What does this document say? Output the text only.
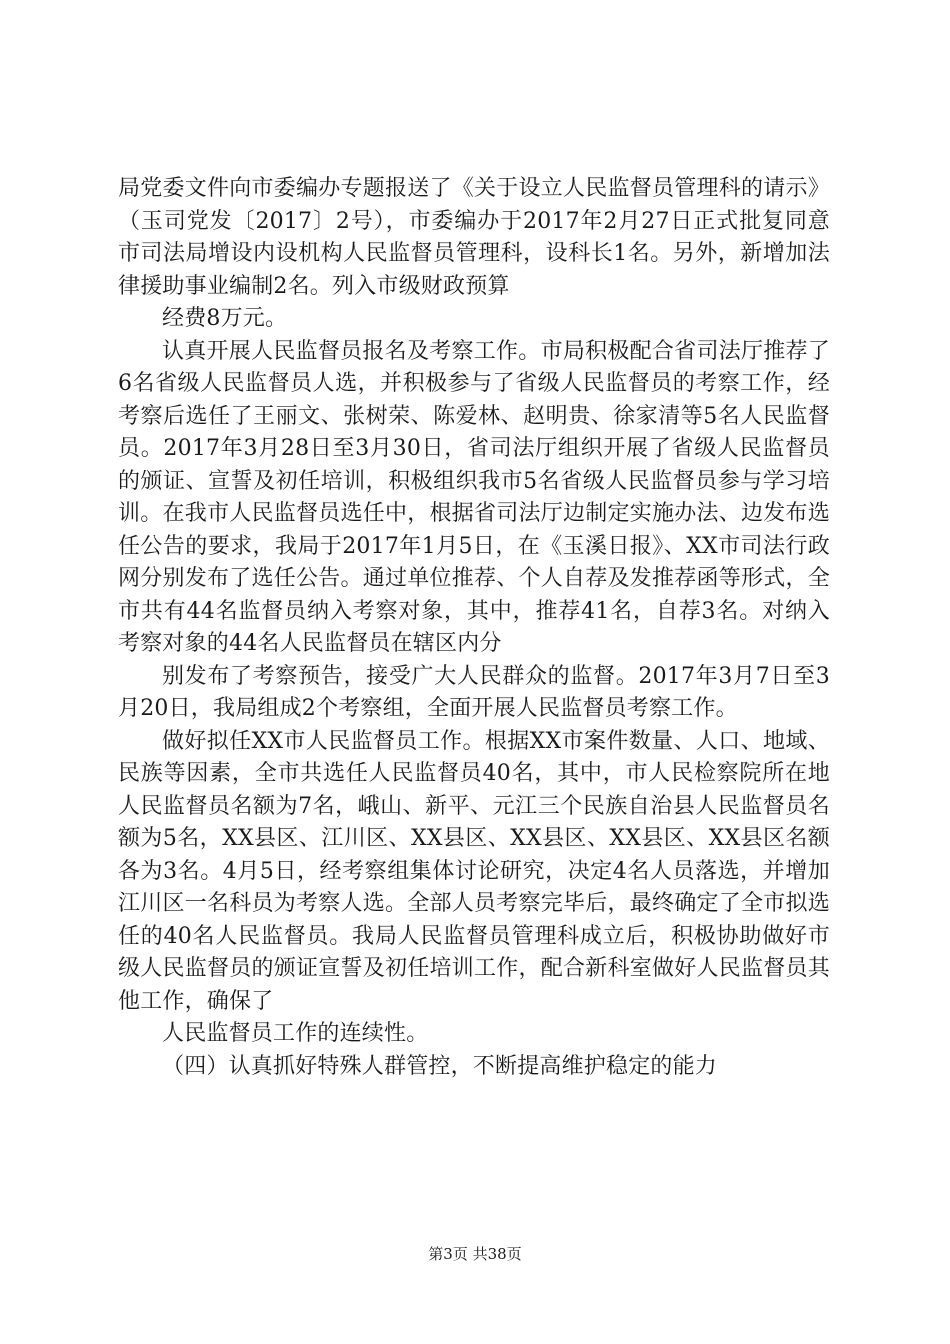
局党委文件向市委编办专题报送了《关于设立人民监督员管理科的请示》（玉司党发〔2017〕2号），市委编办于2017年2月27日正式批复同意市司法局增设内设机构人民监督员管理科，设科长1名。另外，新增加法律援助事业编制2名。列入市级财政预算

经费8万元。

认真开展人民监督员报名及考察工作。市局积极配合省司法厅推荐了6名省级人民监督员人选，并积极参与了省级人民监督员的考察工作，经考察后选任了王丽文、张树荣、陈爱林、赵明贵、徐家清等5名人民监督员。2017年3月28日至3月30日，省司法厅组织开展了省级人民监督员的颁证、宣誓及初任培训，积极组织我市5名省级人民监督员参与学习培训。在我市人民监督员选任中，根据省司法厅边制定实施办法、边发布选任公告的要求，我局于2017年1月5日，在《玉溪日报》、XX市司法行政网分别发布了选任公告。通过单位推荐、个人自荐及发推荐函等形式，全市共有44名监督员纳入考察对象，其中，推荐41名，自荐3名。对纳入考察对象的44名人民监督员在辖区内分

别发布了考察预告，接受广大人民群众的监督。2017年3月7日至3月20日，我局组成2个考察组，全面开展人民监督员考察工作。

做好拟任XX市人民监督员工作。根据XX市案件数量、人口、地域、民族等因素，全市共选任人民监督员40名，其中，市人民检察院所在地人民监督员名额为7名，峨山、新平、元江三个民族自治县人民监督员名额为5名，XX县区、江川区、XX县区、XX县区、XX县区、XX县区名额各为3名。4月5日，经考察组集体讨论研究，决定4名人员落选，并增加江川区一名科员为考察人选。全部人员考察完毕后，最终确定了全市拟选任的40名人民监督员。我局人民监督员管理科成立后，积极协助做好市级人民监督员的颁证宣誓及初任培训工作，配合新科室做好人民监督员其他工作，确保了

人民监督员工作的连续性。

（四）认真抓好特殊人群管控，不断提高维护稳定的能力

第3页 共38页
